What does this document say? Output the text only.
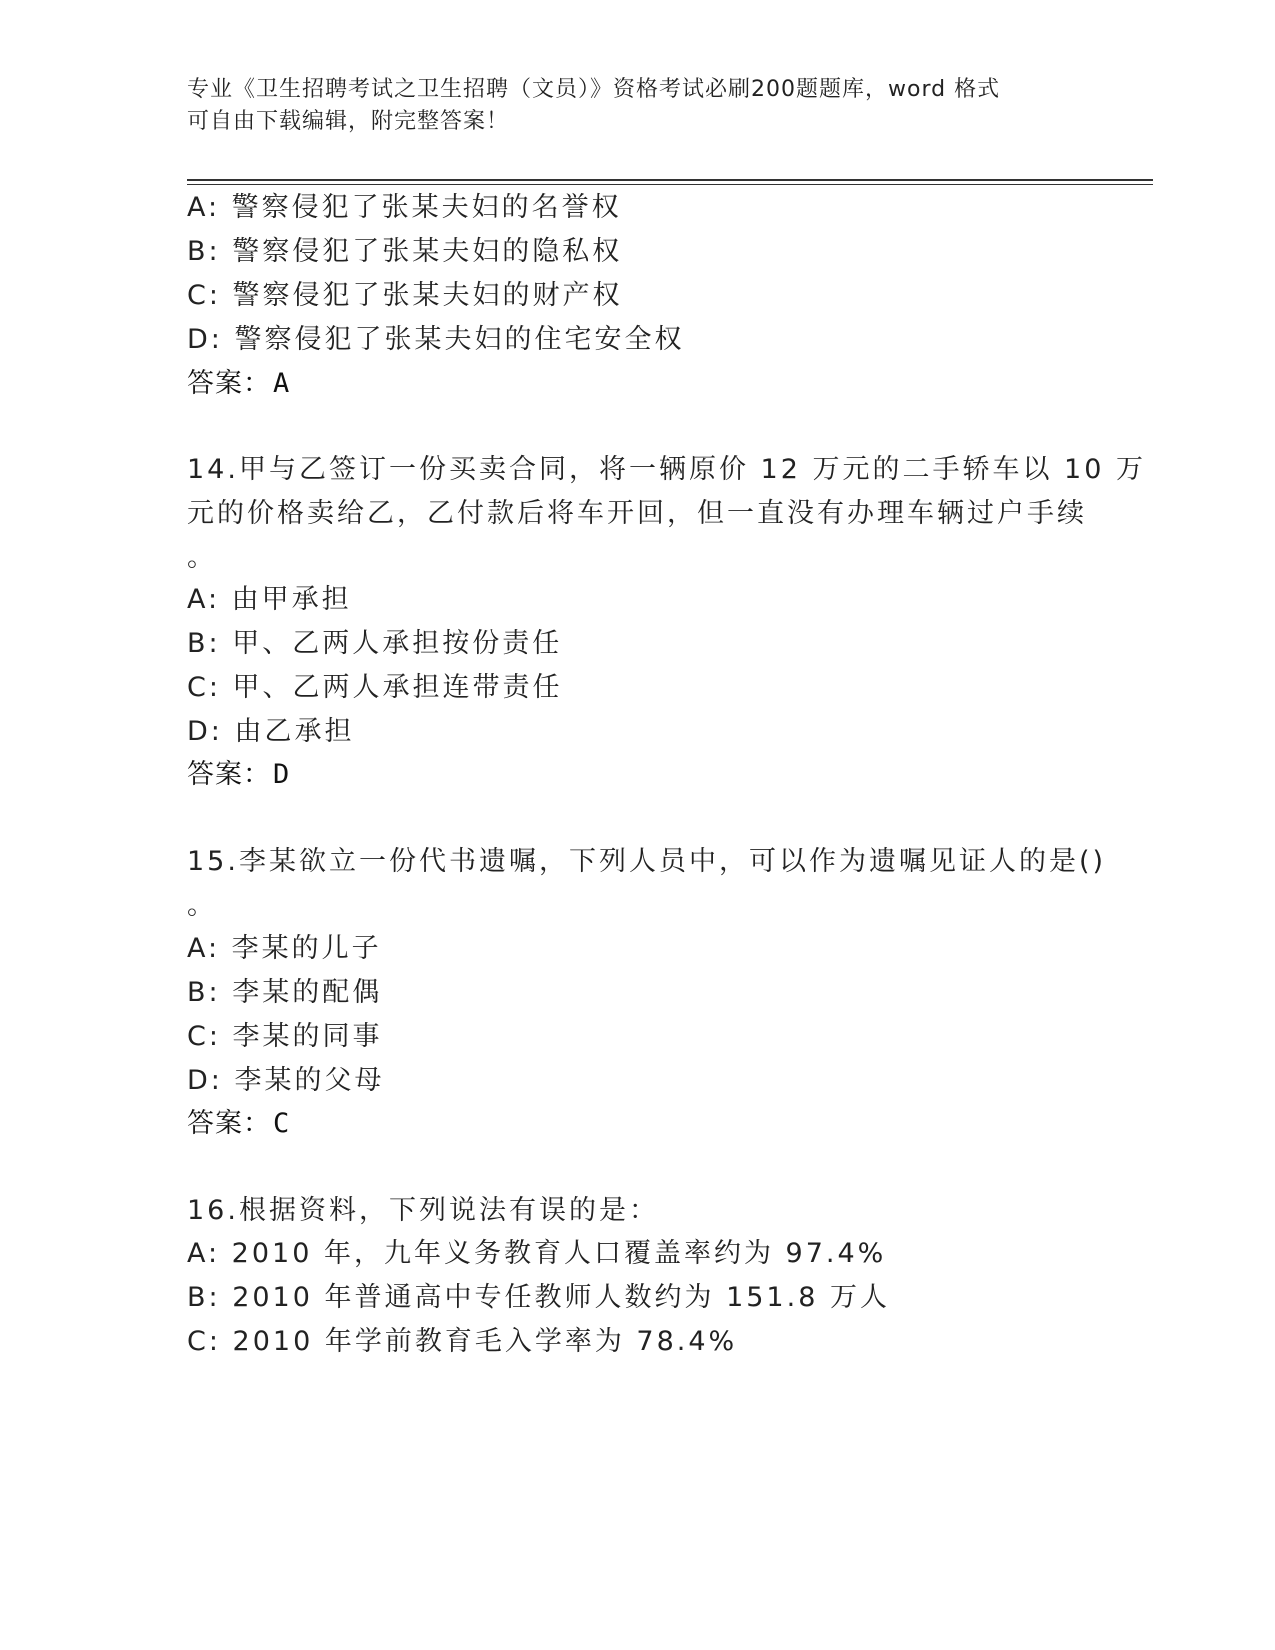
专业《卫生招聘考试之卫生招聘（文员）》资格考试必刷200题题库，word 格式
可自由下载编辑，附完整答案！
A: 警察侵犯了张某夫妇的名誉权
B: 警察侵犯了张某夫妇的隐私权
C: 警察侵犯了张某夫妇的财产权
D: 警察侵犯了张某夫妇的住宅安全权
答案：A
14.甲与乙签订一份买卖合同，将一辆原价 12 万元的二手轿车以 10 万
元的价格卖给乙，乙付款后将车开回，但一直没有办理车辆过户手续
。
A: 由甲承担
B: 甲、乙两人承担按份责任
C: 甲、乙两人承担连带责任
D: 由乙承担
答案：D
15.李某欲立一份代书遗嘱，下列人员中，可以作为遗嘱见证人的是()
。
A: 李某的儿子
B: 李某的配偶
C: 李某的同事
D: 李某的父母
答案：C
16.根据资料，下列说法有误的是：
A: 2010 年，九年义务教育人口覆盖率约为 97.4%
B: 2010 年普通高中专任教师人数约为 151.8 万人
C: 2010 年学前教育毛入学率为 78.4%
